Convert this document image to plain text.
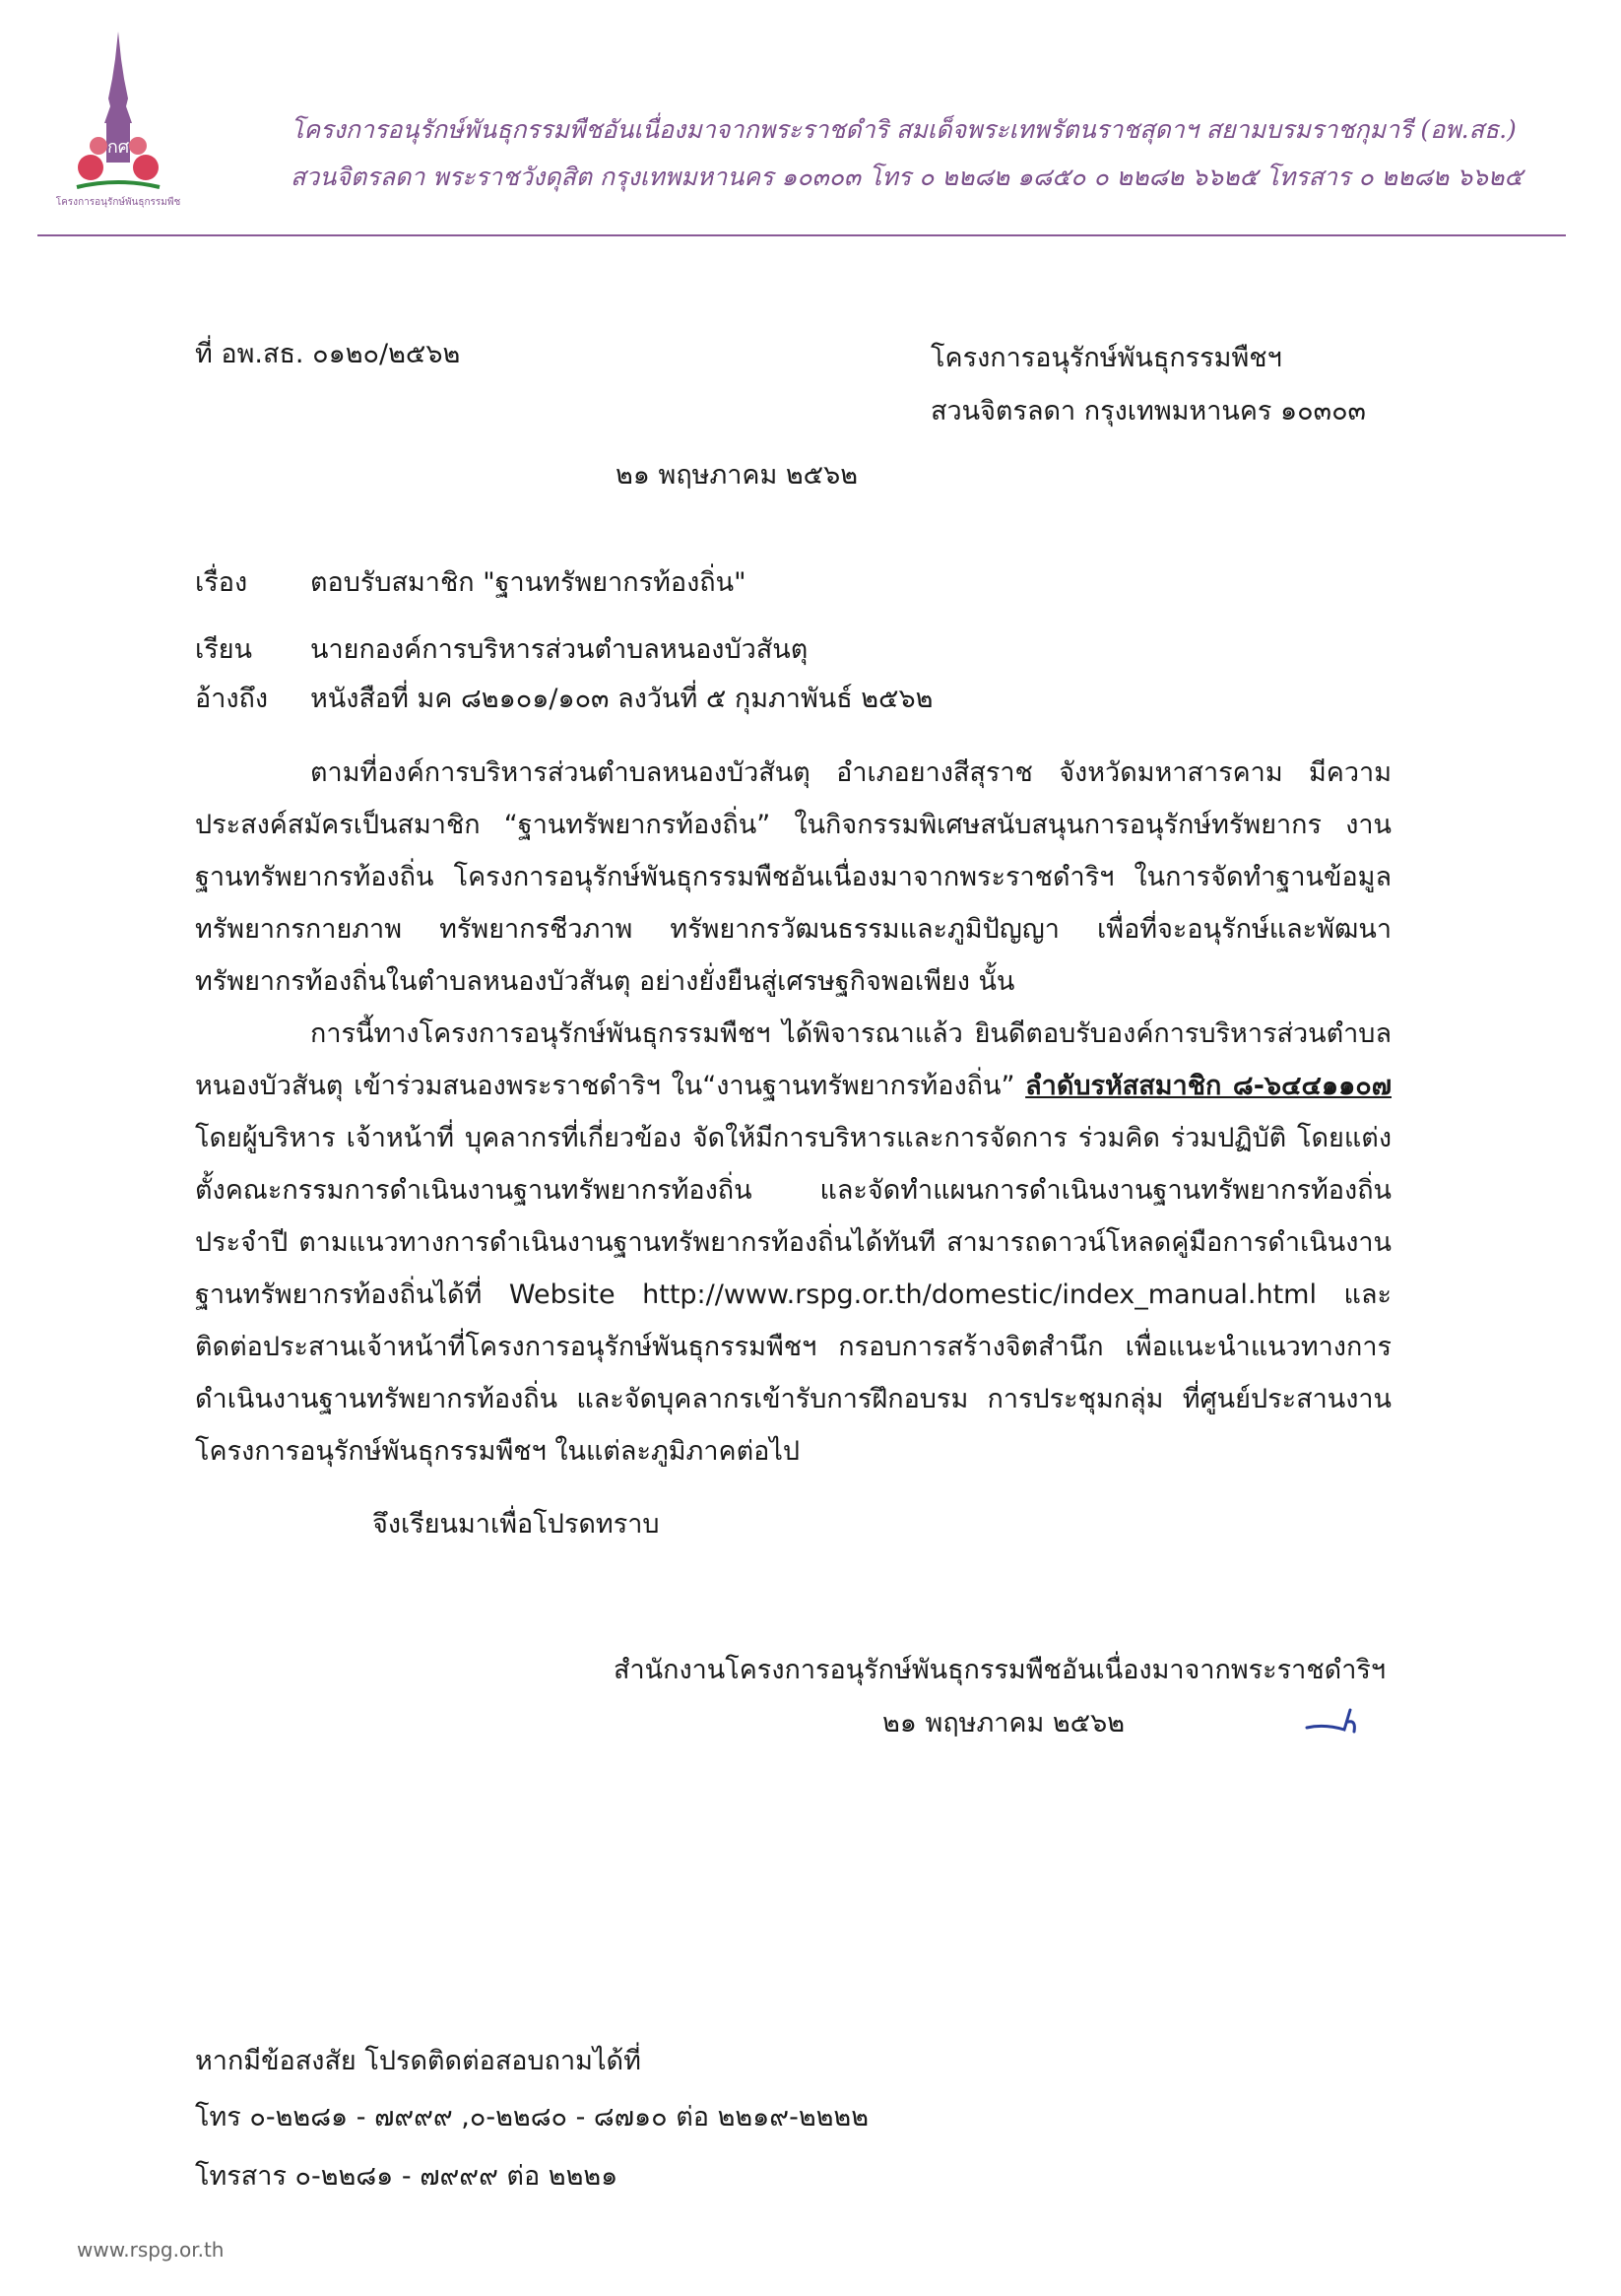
กศ
โครงการอนุรักษ์พันธุกรรมพืช
โครงการอนุรักษ์พันธุกรรมพืชอันเนื่องมาจากพระราชดำริ สมเด็จพระเทพรัตนราชสุดาฯ สยามบรมราชกุมารี (อพ.สธ.)
สวนจิตรลดา พระราชวังดุสิต กรุงเทพมหานคร ๑๐๓๐๓ โทร ๐ ๒๒๘๒ ๑๘๕๐ ๐ ๒๒๘๒ ๖๖๒๕ โทรสาร ๐ ๒๒๘๒ ๖๖๒๕
ที่ อพ.สธ. ๐๑๒๐/๒๕๖๒	โครงการอนุรักษ์พันธุกรรมพืชฯ
สวนจิตรลดา กรุงเทพมหานคร ๑๐๓๐๓
๒๑ พฤษภาคม ๒๕๖๒
เรื่อง ตอบรับสมาชิก "ฐานทรัพยากรท้องถิ่น"
เรียน นายกองค์การบริหารส่วนตำบลหนองบัวสันตุ
อ้างถึง หนังสือที่ มค ๘๒๑๐๑/๑๐๓ ลงวันที่ ๕ กุมภาพันธ์ ๒๕๖๒
ตามที่องค์การบริหารส่วนตำบลหนองบัวสันตุ อำเภอยางสีสุราช จังหวัดมหาสารคาม มีความประสงค์สมัครเป็นสมาชิก “ฐานทรัพยากรท้องถิ่น” ในกิจกรรมพิเศษสนับสนุนการอนุรักษ์ทรัพยากร งานฐานทรัพยากรท้องถิ่น โครงการอนุรักษ์พันธุกรรมพืชอันเนื่องมาจากพระราชดำริฯ ในการจัดทำฐานข้อมูลทรัพยากรกายภาพ ทรัพยากรชีวภาพ ทรัพยากรวัฒนธรรมและภูมิปัญญา เพื่อที่จะอนุรักษ์และพัฒนาทรัพยากรท้องถิ่นในตำบลหนองบัวสันตุ อย่างยั่งยืนสู่เศรษฐกิจพอเพียง นั้น
การนี้ทางโครงการอนุรักษ์พันธุกรรมพืชฯ ได้พิจารณาแล้ว ยินดีตอบรับองค์การบริหารส่วนตำบลหนองบัวสันตุ เข้าร่วมสนองพระราชดำริฯ ใน“งานฐานทรัพยากรท้องถิ่น” ลำดับรหัสสมาชิก ๘-๖๔๔๑๑๐๗ โดยผู้บริหาร เจ้าหน้าที่ บุคลากรที่เกี่ยวข้อง จัดให้มีการบริหารและการจัดการ ร่วมคิด ร่วมปฏิบัติ โดยแต่งตั้งคณะกรรมการดำเนินงานฐานทรัพยากรท้องถิ่น และจัดทำแผนการดำเนินงานฐานทรัพยากรท้องถิ่นประจำปี ตามแนวทางการดำเนินงานฐานทรัพยากรท้องถิ่นได้ทันที สามารถดาวน์โหลดคู่มือการดำเนินงานฐานทรัพยากรท้องถิ่นได้ที่ Website http://www.rspg.or.th/domestic/index_manual.html และติดต่อประสานเจ้าหน้าที่โครงการอนุรักษ์พันธุกรรมพืชฯ กรอบการสร้างจิตสำนึก เพื่อแนะนำแนวทางการดำเนินงานฐานทรัพยากรท้องถิ่น และจัดบุคลากรเข้ารับการฝึกอบรม การประชุมกลุ่ม ที่ศูนย์ประสานงานโครงการอนุรักษ์พันธุกรรมพืชฯ ในแต่ละภูมิภาคต่อไป
จึงเรียนมาเพื่อโปรดทราบ
สำนักงานโครงการอนุรักษ์พันธุกรรมพืชอันเนื่องมาจากพระราชดำริฯ
๒๑ พฤษภาคม ๒๕๖๒
หากมีข้อสงสัย โปรดติดต่อสอบถามได้ที่
โทร ๐-๒๒๘๑ - ๗๙๙๙ ,๐-๒๒๘๐ - ๘๗๑๐ ต่อ ๒๒๑๙-๒๒๒๒
โทรสาร ๐-๒๒๘๑ - ๗๙๙๙ ต่อ ๒๒๒๑
www.rspg.or.th
